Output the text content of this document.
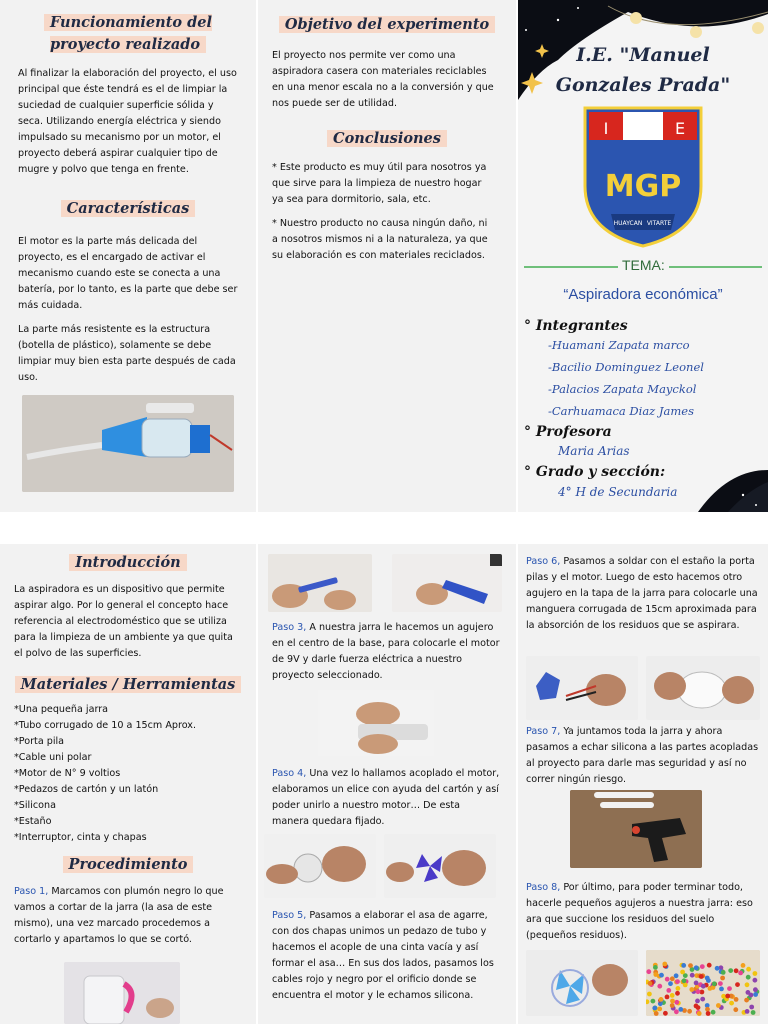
Funcionamiento del proyecto realizado

Al finalizar la elaboración del proyecto, el uso principal que éste tendrá es el de limpiar la suciedad de cualquier superficie sólida y seca. Utilizando energía eléctrica y siendo impulsado su mecanismo por un motor, el proyecto deberá aspirar cualquier tipo de mugre y polvo que tenga en frente.

Características

El motor es la parte más delicada del proyecto, es el encargado de activar el mecanismo cuando este se conecta a una batería, por lo tanto, es la parte que debe ser más cuidada.

La parte más resistente es la estructura (botella de plástico), solamente se debe limpiar muy bien esta parte después de cada uso.

Objetivo del experimento

El proyecto nos permite ver como una aspiradora casera con materiales reciclables en una menor escala no a la conversión y que nos puede ser de utilidad.

Conclusiones

* Este producto es muy útil para nosotros ya que sirve para la limpieza de nuestro hogar ya sea para dormitorio, sala, etc.

* Nuestro producto no causa ningún daño, ni a nosotros mismos ni a la naturaleza, ya que su elaboración es con materiales reciclados.

I.E. "Manuel
Gonzales Prada"
I	E
MGP
HUAYCAN VITARTE
TEMA:
“Aspiradora económica”
° Integrantes
-Huamani Zapata marco
-Bacilio Dominguez Leonel
-Palacios Zapata Mayckol
-Carhuamaca Diaz James
° Profesora
Maria Arias
° Grado y sección:
4° H de Secundaria
Introducción

La aspiradora es un dispositivo que permite aspirar algo. Por lo general el concepto hace referencia al electrodoméstico que se utiliza para la limpieza de un ambiente ya que quita el polvo de las superficies.

Materiales / Herramientas
*Una pequeña jarra
*Tubo corrugado de 10 a 15cm Aprox.
*Porta pila
*Cable uni polar
*Motor de N° 9 voltios
*Pedazos de cartón y un latón
*Silicona
*Estaño
*Interruptor, cinta y chapas
Procedimiento

Paso 1, Marcamos con plumón negro lo que vamos a cortar de la jarra (la asa de este mismo), una vez marcado procedemos a cortarlo y apartamos lo que se cortó.

Paso 3, A nuestra jarra le hacemos un agujero en el centro de la base, para colocarle el motor de 9V y darle fuerza eléctrica a nuestro proyecto seleccionado.

Paso 4, Una vez lo hallamos acoplado el motor, elaboramos un elice con ayuda del cartón y así poder unirlo a nuestro motor… De esta manera quedara fijado.

Paso 5, Pasamos a elaborar el asa de agarre, con dos chapas unimos un pedazo de tubo y hacemos el acople de una cinta vacía y así formar el asa… En sus dos lados, pasamos los cables rojo y negro por el orificio donde se encuentra el motor y le echamos silicona.

Paso 6, Pasamos a soldar con el estaño la porta pilas y el motor. Luego de esto hacemos otro agujero en la tapa de la jarra para colocarle una manguera corrugada de 15cm aproximada para la absorción de los residuos que se aspirara.

Paso 7, Ya juntamos toda la jarra y ahora pasamos a echar silicona a las partes acopladas al proyecto para darle mas seguridad y así no correr ningún riesgo.

Paso 8, Por último, para poder terminar todo, hacerle pequeños agujeros a nuestra jarra: eso ara que succione los residuos del suelo (pequeños residuos).
